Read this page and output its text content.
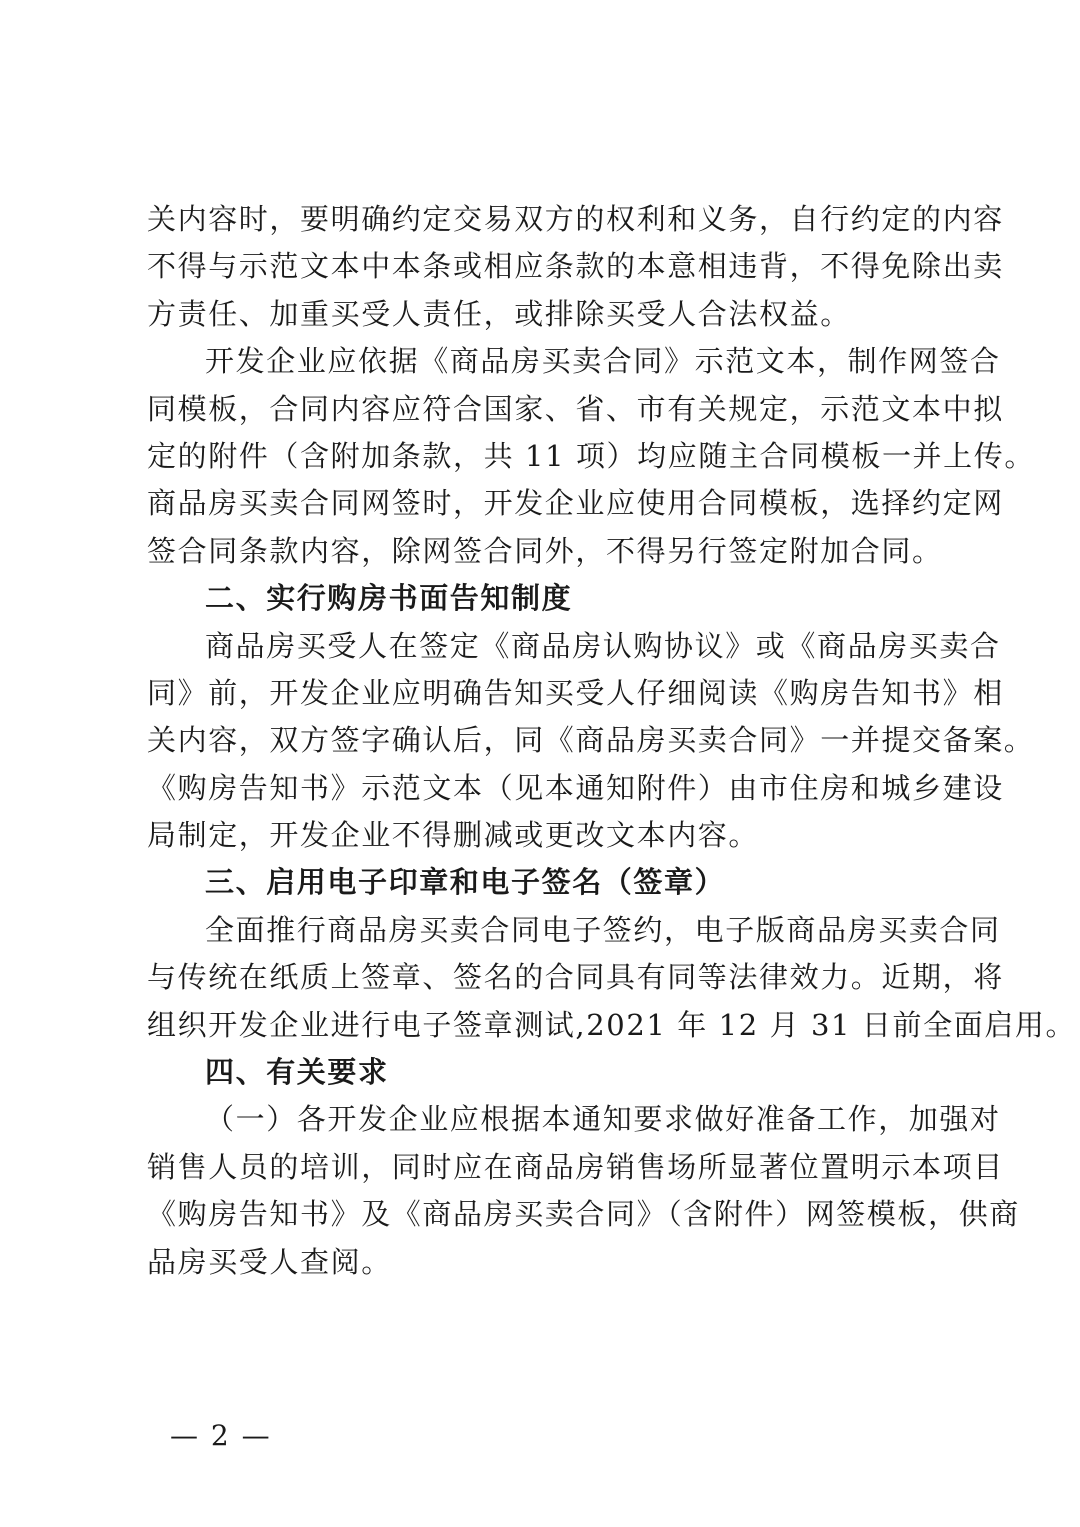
关内容时，要明确约定交易双方的权利和义务，自行约定的内容
不得与示范文本中本条或相应条款的本意相违背，不得免除出卖
方责任、加重买受人责任，或排除买受人合法权益。
开发企业应依据《商品房买卖合同》示范文本，制作网签合
同模板，合同内容应符合国家、省、市有关规定，示范文本中拟
定的附件（含附加条款，共 11 项）均应随主合同模板一并上传。
商品房买卖合同网签时，开发企业应使用合同模板，选择约定网
签合同条款内容，除网签合同外，不得另行签定附加合同。
二、实行购房书面告知制度
商品房买受人在签定《商品房认购协议》或《商品房买卖合
同》前，开发企业应明确告知买受人仔细阅读《购房告知书》相
关内容，双方签字确认后，同《商品房买卖合同》一并提交备案。
《购房告知书》示范文本（见本通知附件）由市住房和城乡建设
局制定，开发企业不得删减或更改文本内容。
三、启用电子印章和电子签名（签章）
全面推行商品房买卖合同电子签约，电子版商品房买卖合同
与传统在纸质上签章、签名的合同具有同等法律效力。近期，将
组织开发企业进行电子签章测试,2021 年 12 月 31 日前全面启用。
四、有关要求
（一）各开发企业应根据本通知要求做好准备工作，加强对
销售人员的培训，同时应在商品房销售场所显著位置明示本项目
《购房告知书》及《商品房买卖合同》（含附件）网签模板，供商
品房买受人查阅。
— 2 —
